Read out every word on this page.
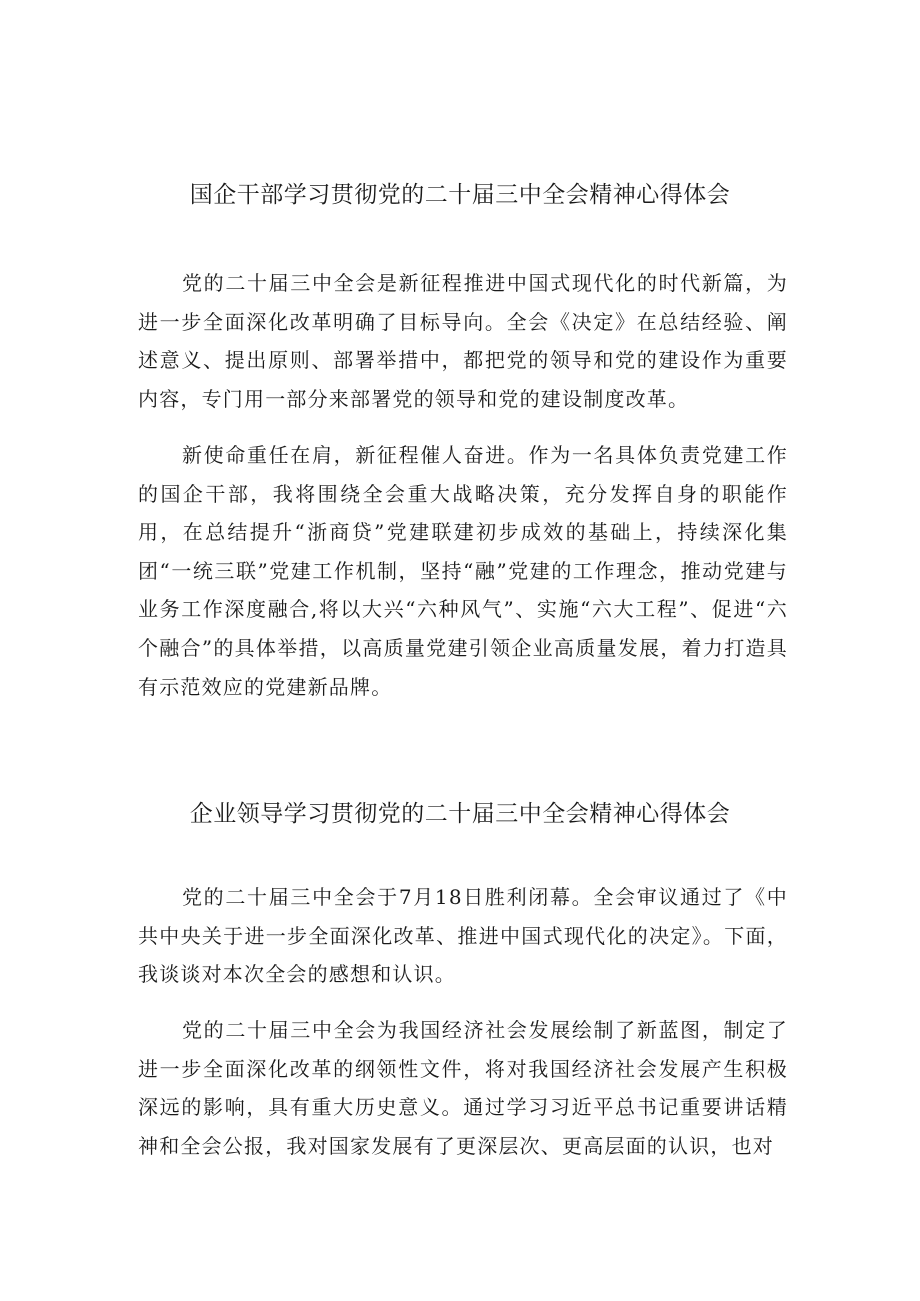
国企干部学习贯彻党的二十届三中全会精神心得体会

党的二十届三中全会是新征程推进中国式现代化的时代新篇，为进一步全面深化改革明确了目标导向。全会《决定》在总结经验、阐述意义、提出原则、部署举措中，都把党的领导和党的建设作为重要内容，专门用一部分来部署党的领导和党的建设制度改革。

新使命重任在肩，新征程催人奋进。作为一名具体负责党建工作的国企干部，我将围绕全会重大战略决策，充分发挥自身的职能作用，在总结提升“浙商贷”党建联建初步成效的基础上，持续深化集团“一统三联”党建工作机制，坚持“融”党建的工作理念，推动党建与业务工作深度融合,将以大兴“六种风气”、实施“六大工程”、促进“六个融合”的具体举措，以高质量党建引领企业高质量发展，着力打造具有示范效应的党建新品牌。

企业领导学习贯彻党的二十届三中全会精神心得体会

党的二十届三中全会于7月18日胜利闭幕。全会审议通过了《中共中央关于进一步全面深化改革、推进中国式现代化的决定》。下面，我谈谈对本次全会的感想和认识。

党的二十届三中全会为我国经济社会发展绘制了新蓝图，制定了进一步全面深化改革的纲领性文件，将对我国经济社会发展产生积极深远的影响，具有重大历史意义。通过学习习近平总书记重要讲话精神和全会公报，我对国家发展有了更深层次、更高层面的认识，也对
